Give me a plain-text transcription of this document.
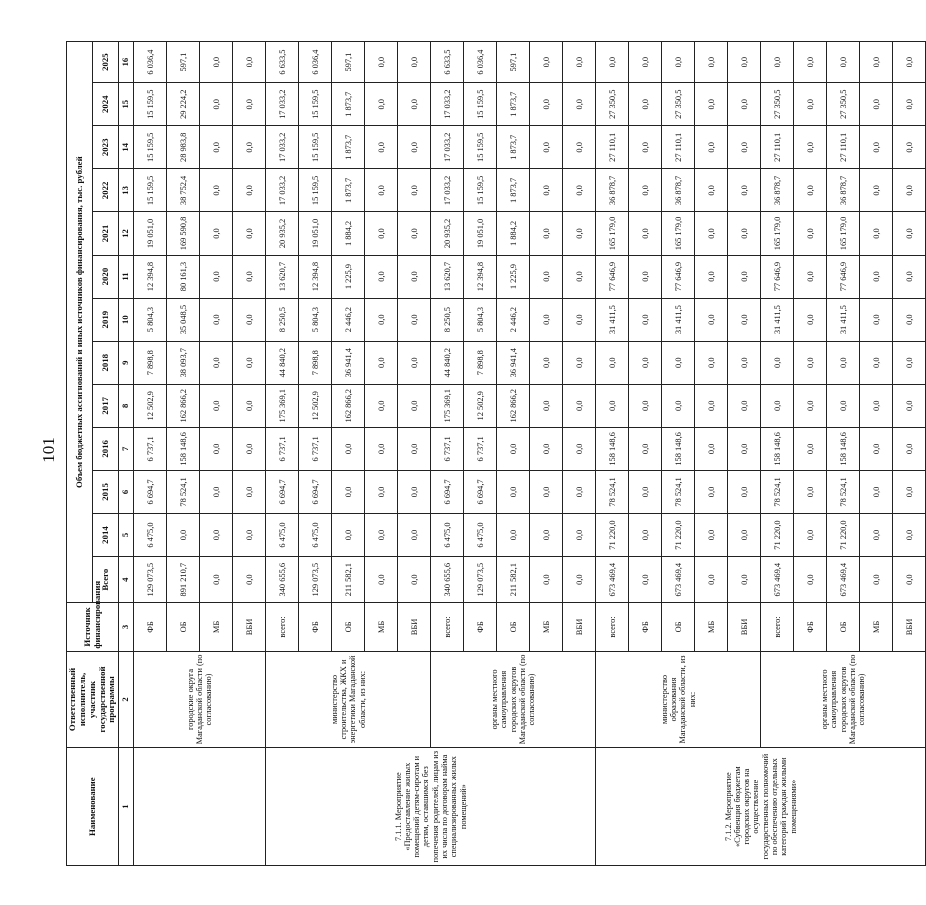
101
Наименование	Ответственный исполнитель, участник государственной программы	Источник финансирования	Объем бюджетных ассигнований и иных источников финансирования, тыс. рублей												
			Всего	2014	2015	2016	2017	2018	2019	2020	2021	2022	2023	2024	2025
1	2	3	4	5	6	7	8	9	10	11	12	13	14	15	16
	городские округа Магаданской области (по согласованию)	ФБ	129 073,5	6 475,0	6 694,7	6 737,1	12 502,9	7 898,8	5 804,3	12 394,8	19 051,0	15 159,5	15 159,5	15 159,5	6 036,4
		ОБ	891 210,7	0,0	78 524,1	158 148,6	162 866,2	38 093,7	35 048,5	80 161,3	169 590,8	38 752,4	28 983,8	29 224,2	597,1
		МБ	0,0	0,0	0,0	0,0	0,0	0,0	0,0	0,0	0,0	0,0	0,0	0,0	0,0
		ВБИ	0,0	0,0	0,0	0,0	0,0	0,0	0,0	0,0	0,0	0,0	0,0	0,0	0,0
7.1.1. Мероприятие «Предоставление жилых помещений детям-сиротам и детям, оставшимся без попечения родителей, лицам из их числа по договорам найма специализированных жилых помещений»	министерство строительства, ЖКХ и энергетики Магаданской области, из них:	всего:	340 655,6	6 475,0	6 694,7	6 737,1	175 369,1	44 840,2	8 250,5	13 620,7	20 935,2	17 033,2	17 033,2	17 033,2	6 633,5
		ФБ	129 073,5	6 475,0	6 694,7	6 737,1	12 502,9	7 898,8	5 804,3	12 394,8	19 051,0	15 159,5	15 159,5	15 159,5	6 036,4
		ОБ	211 582,1	0,0	0,0	0,0	162 866,2	36 941,4	2 446,2	1 225,9	1 884,2	1 873,7	1 873,7	1 873,7	597,1
		МБ	0,0	0,0	0,0	0,0	0,0	0,0	0,0	0,0	0,0	0,0	0,0	0,0	0,0
		ВБИ	0,0	0,0	0,0	0,0	0,0	0,0	0,0	0,0	0,0	0,0	0,0	0,0	0,0
	органы местного самоуправления городских округов Магаданской области (по согласованию)	всего:	340 655,6	6 475,0	6 694,7	6 737,1	175 369,1	44 840,2	8 250,5	13 620,7	20 935,2	17 033,2	17 033,2	17 033,2	6 633,5
		ФБ	129 073,5	6 475,0	6 694,7	6 737,1	12 502,9	7 898,8	5 804,3	12 394,8	19 051,0	15 159,5	15 159,5	15 159,5	6 036,4
		ОБ	211 582,1	0,0	0,0	0,0	162 866,2	36 941,4	2 446,2	1 225,9	1 884,2	1 873,7	1 873,7	1 873,7	597,1
		МБ	0,0	0,0	0,0	0,0	0,0	0,0	0,0	0,0	0,0	0,0	0,0	0,0	0,0
		ВБИ	0,0	0,0	0,0	0,0	0,0	0,0	0,0	0,0	0,0	0,0	0,0	0,0	0,0
7.1.2. Мероприятие «Субвенция бюджетам городских округов на осуществление государственных полномочий по обеспечению отдельных категорий граждан жилыми помещениями»	министерство образования Магаданской области, из них:	всего:	673 469,4	71 220,0	78 524,1	158 148,6	0,0	0,0	31 411,5	77 646,9	165 179,0	36 878,7	27 110,1	27 350,5	0,0
		ФБ	0,0	0,0	0,0	0,0	0,0	0,0	0,0	0,0	0,0	0,0	0,0	0,0	0,0
		ОБ	673 469,4	71 220,0	78 524,1	158 148,6	0,0	0,0	31 411,5	77 646,9	165 179,0	36 878,7	27 110,1	27 350,5	0,0
		МБ	0,0	0,0	0,0	0,0	0,0	0,0	0,0	0,0	0,0	0,0	0,0	0,0	0,0
		ВБИ	0,0	0,0	0,0	0,0	0,0	0,0	0,0	0,0	0,0	0,0	0,0	0,0	0,0
	органы местного самоуправления городских округов Магаданской области (по согласованию)	всего:	673 469,4	71 220,0	78 524,1	158 148,6	0,0	0,0	31 411,5	77 646,9	165 179,0	36 878,7	27 110,1	27 350,5	0,0
		ФБ	0,0	0,0	0,0	0,0	0,0	0,0	0,0	0,0	0,0	0,0	0,0	0,0	0,0
		ОБ	673 469,4	71 220,0	78 524,1	158 148,6	0,0	0,0	31 411,5	77 646,9	165 179,0	36 878,7	27 110,1	27 350,5	0,0
		МБ	0,0	0,0	0,0	0,0	0,0	0,0	0,0	0,0	0,0	0,0	0,0	0,0	0,0
		ВБИ	0,0	0,0	0,0	0,0	0,0	0,0	0,0	0,0	0,0	0,0	0,0	0,0	0,0
